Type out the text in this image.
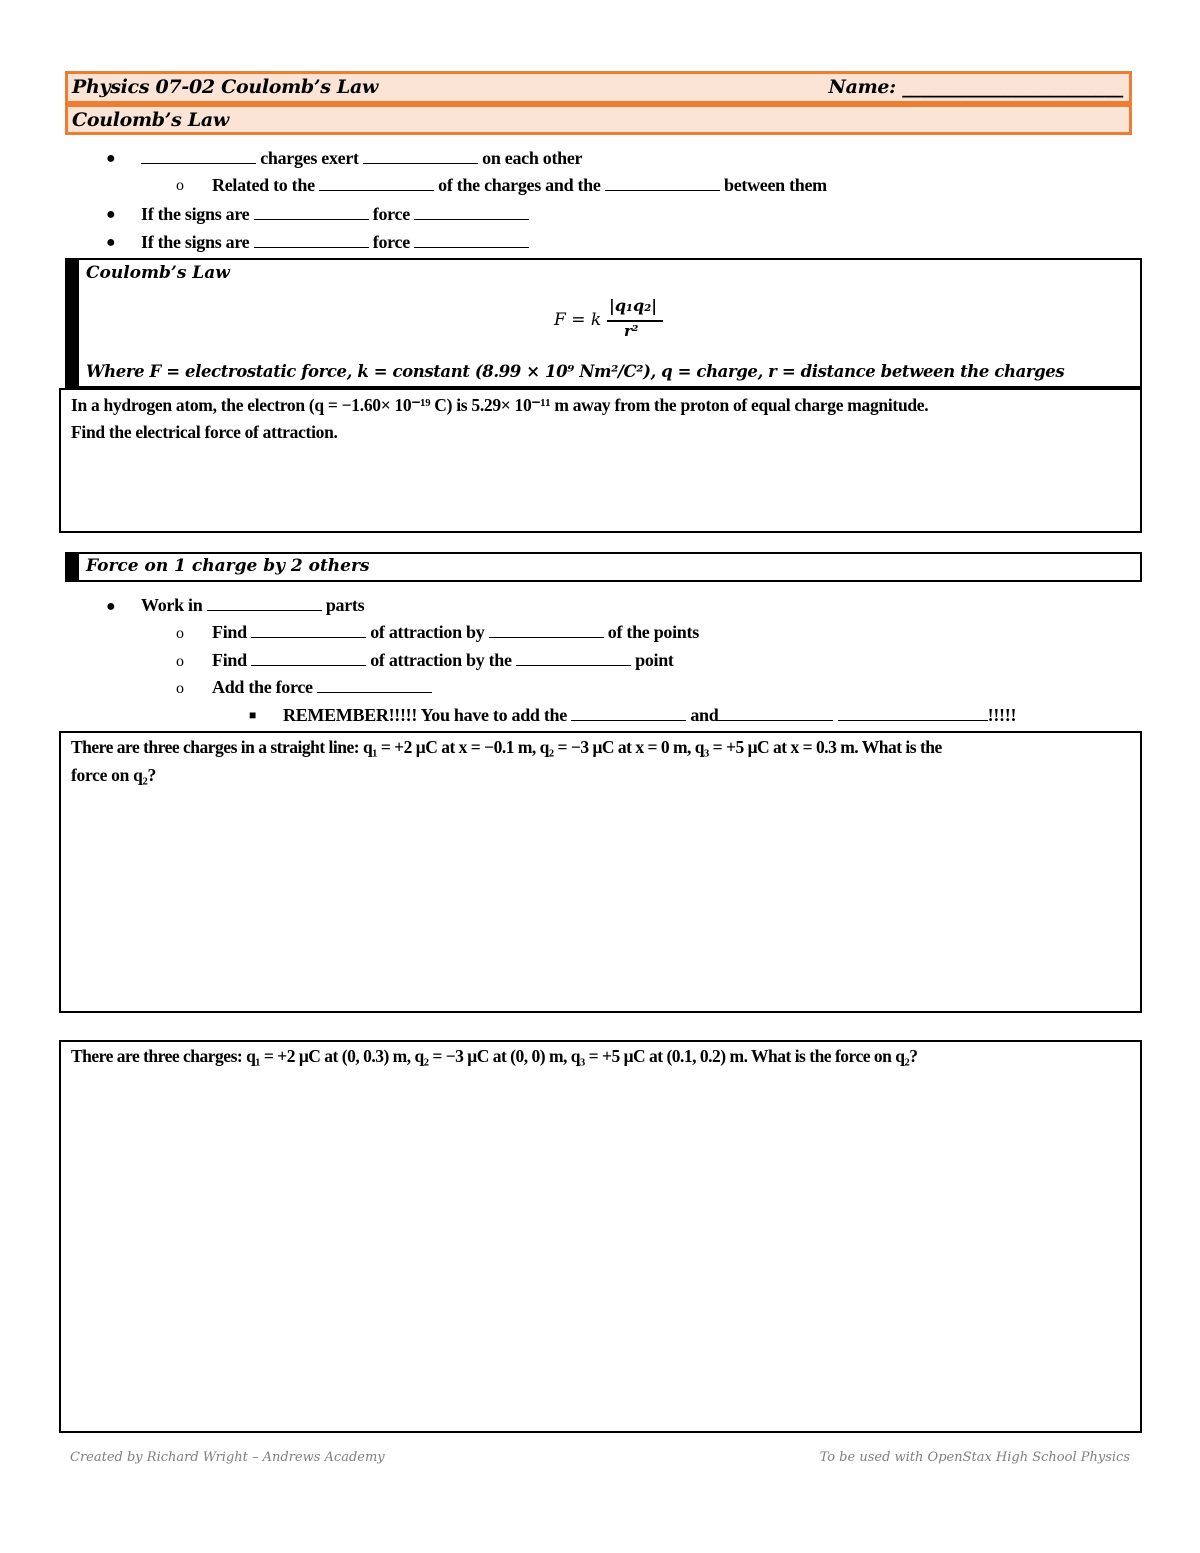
Physics 07-02 Coulomb’s Law	Name: ________________________
Coulomb’s Law
●	charges exert	on each other
o Related to the	of the charges and the	between them
● If the signs are	force
● If the signs are	force
Coulomb’s Law
F = k
|q₁q₂|
r²
Where F = electrostatic force, k = constant (8.99 × 10⁹ Nm²/C²), q = charge, r = distance between the charges
In a hydrogen atom, the electron (q = −1.60× 10⁻¹⁹ C) is 5.29× 10⁻¹¹ m away from the proton of equal charge magnitude.
Find the electrical force of attraction.
Force on 1 charge by 2 others
● Work in	parts
o Find	of attraction by	of the points
o Find	of attraction by the	point
o Add the force
■ REMEMBER!!!!! You have to add the	and	!!!!!
There are three charges in a straight line: q₁ = +2 μC at x = −0.1 m, q₂ = −3 μC at x = 0 m, q₃ = +5 μC at x = 0.3 m. What is the
force on q₂?
There are three charges: q₁ = +2 μC at (0, 0.3) m, q₂ = −3 μC at (0, 0) m, q₃ = +5 μC at (0.1, 0.2) m. What is the force on q₂?
Created by Richard Wright – Andrews Academy	To be used with OpenStax High School Physics
